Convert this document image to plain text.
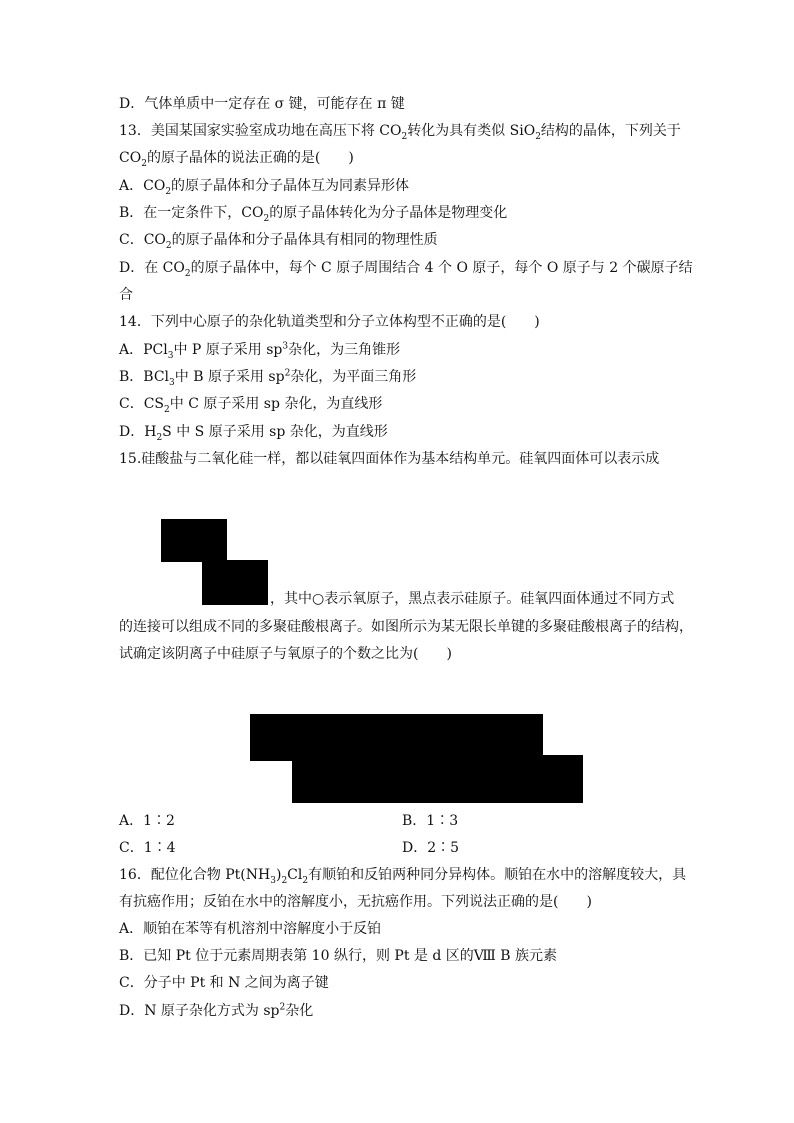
D．气体单质中一定存在 σ 键，可能存在 π 键
13．美国某国家实验室成功地在高压下将 $CO_2$转化为具有类似 SiO$_2$结构的晶体，下列关于
$CO_2$的原子晶体的说法正确的是(　　)
A．$CO_2$的原子晶体和分子晶体互为同素异形体
B．在一定条件下，$CO_2$的原子晶体转化为分子晶体是物理变化
C．$CO_2$的原子晶体和分子晶体具有相同的物理性质
D．在 $CO_2$的原子晶体中，每个 C 原子周围结合 4 个 O 原子，每个 O 原子与 2 个碳原子结
合
14．下列中心原子的杂化轨道类型和分子立体构型不正确的是(　　)
A．PCl$_3$中 P 原子采用 $sp^3$杂化，为三角锥形
B．BCl$_3$中 B 原子采用 $sp^2$杂化，为平面三角形
C．$CS_2$中 C 原子采用 sp 杂化，为直线形
D．$H_2S$ 中 S 原子采用 sp 杂化，为直线形
15.硅酸盐与二氧化硅一样，都以硅氧四面体作为基本结构单元。硅氧四面体可以表示成
，其中○表示氧原子，黑点表示硅原子。硅氧四面体通过不同方式
的连接可以组成不同的多聚硅酸根离子。如图所示为某无限长单键的多聚硅酸根离子的结构，
试确定该阴离子中硅原子与氧原子的个数之比为(　　)
A．1∶2	B．1∶3
C．1∶4	D．2∶5
16．配位化合物 $Pt(NH_3)_2Cl_2$有顺铂和反铂两种同分异构体。顺铂在水中的溶解度较大，具
有抗癌作用；反铂在水中的溶解度小，无抗癌作用。下列说法正确的是(　　)
A．顺铂在苯等有机溶剂中溶解度小于反铂
B．已知 Pt 位于元素周期表第 10 纵行，则 Pt 是 d 区的Ⅷ B 族元素
C．分子中 Pt 和 N 之间为离子键
D．N 原子杂化方式为 $sp^2$杂化
